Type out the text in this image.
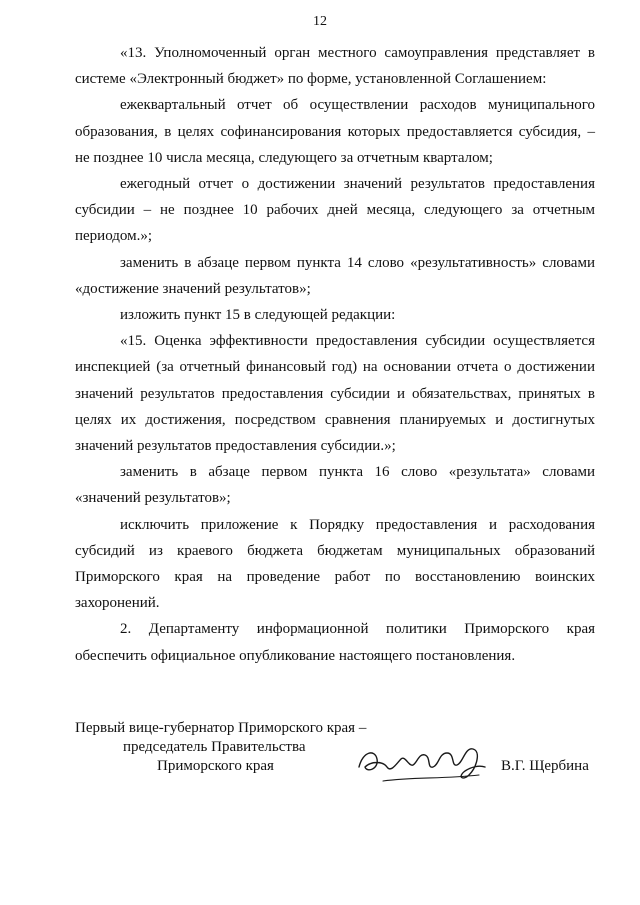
12

«13. Уполномоченный орган местного самоуправления представляет в системе «Электронный бюджет» по форме, установленной Соглашением:

ежеквартальный отчет об осуществлении расходов муниципального образования, в целях софинансирования которых предоставляется субсидия, – не позднее 10 числа месяца, следующего за отчетным кварталом;

ежегодный отчет о достижении значений результатов предоставления субсидии – не позднее 10 рабочих дней месяца, следующего за отчетным периодом.»;

заменить в абзаце первом пункта 14 слово «результативность» словами «достижение значений результатов»;

изложить пункт 15 в следующей редакции:

«15. Оценка эффективности предоставления субсидии осуществляется инспекцией (за отчетный финансовый год) на основании отчета о достижении значений результатов предоставления субсидии и обязательствах, принятых в целях их достижения, посредством сравнения планируемых и достигнутых значений результатов предоставления субсидии.»;

заменить в абзаце первом пункта 16 слово «результата» словами «значений результатов»;

исключить приложение к Порядку предоставления и расходования субсидий из краевого бюджета бюджетам муниципальных образований Приморского края на проведение работ по восстановлению воинских захоронений.

2. Департаменту информационной политики Приморского края обеспечить официальное опубликование настоящего постановления.

Первый вице-губернатор Приморского края –
председатель Правительства
Приморского края	В.Г. Щербина
